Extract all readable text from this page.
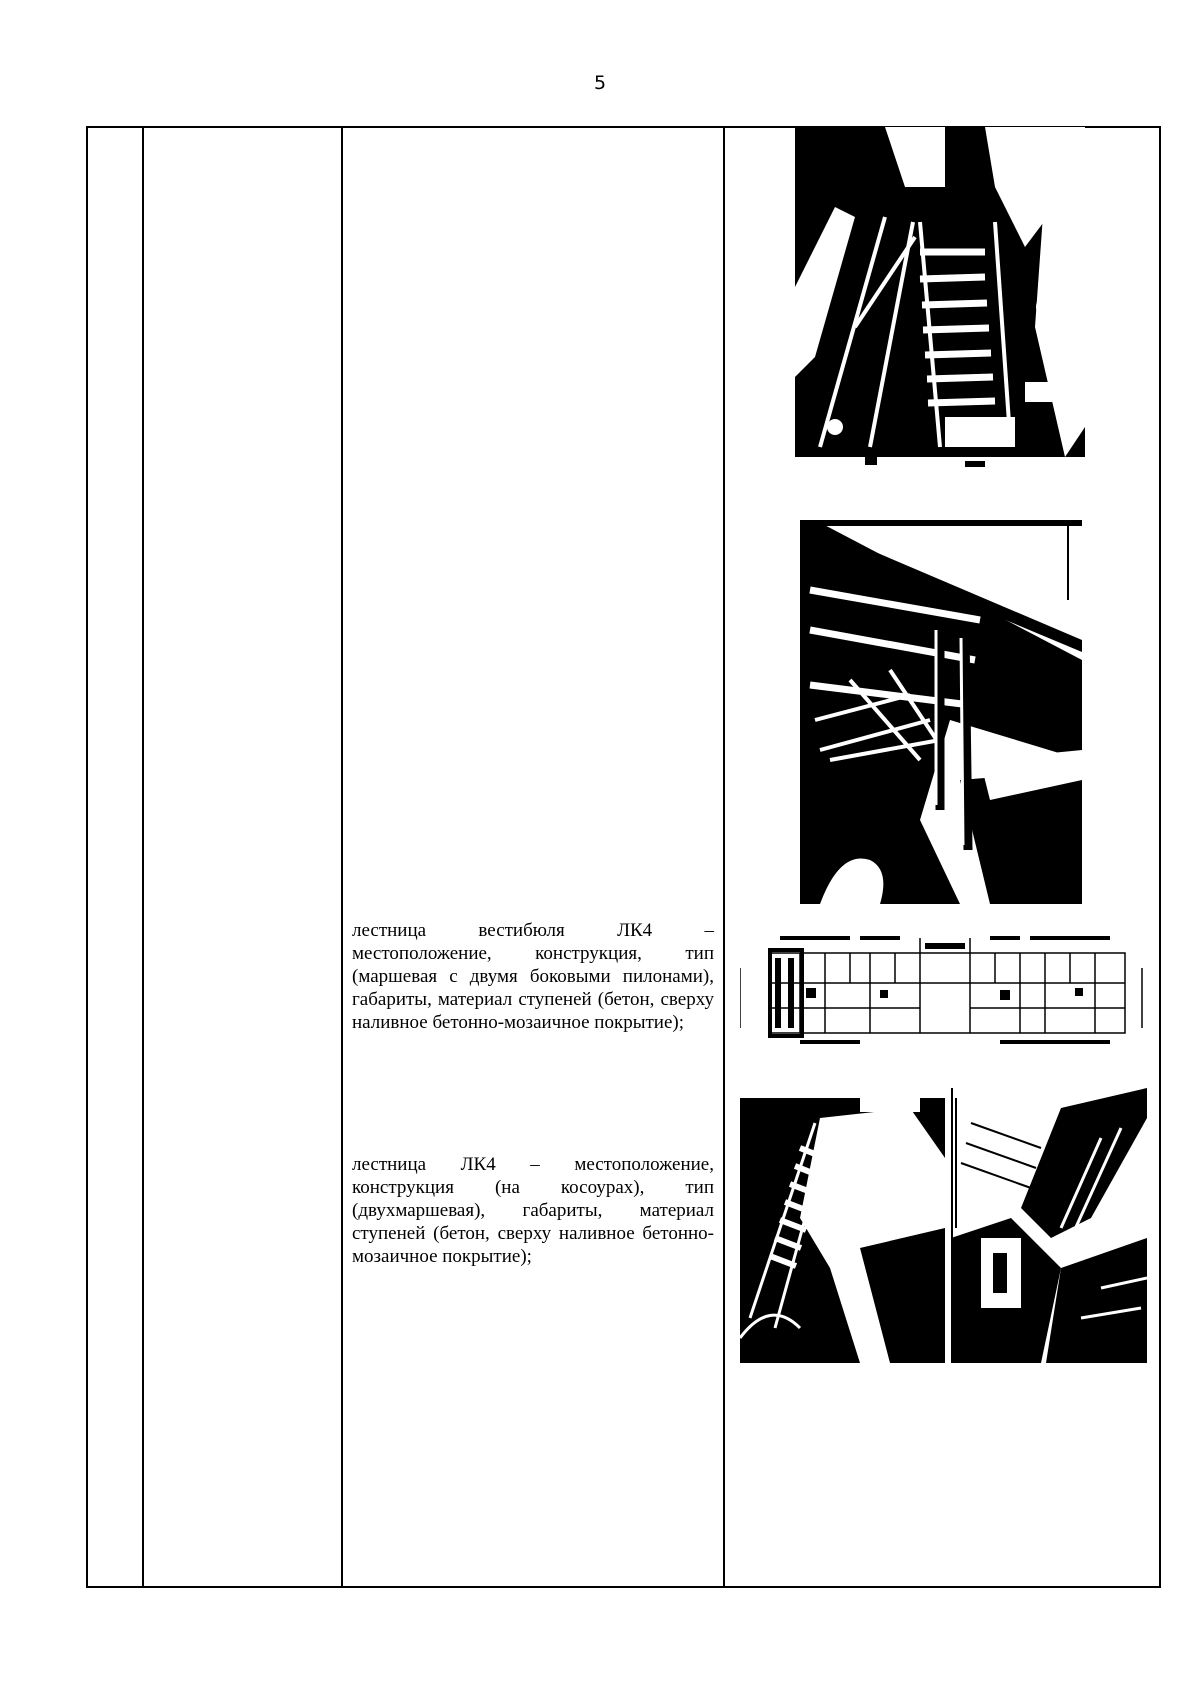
5
лестница вестибюля ЛК4 – местоположение, конструкция, тип (маршевая с двумя боковыми пилонами), габариты, материал ступеней (бетон, сверху наливное бетонно-мозаичное покрытие);
лестница ЛК4 – местоположение, конструкция (на косоурах), тип (двухмаршевая), габариты, материал ступеней (бетон, сверху наливное бетонно-мозаичное покрытие);
